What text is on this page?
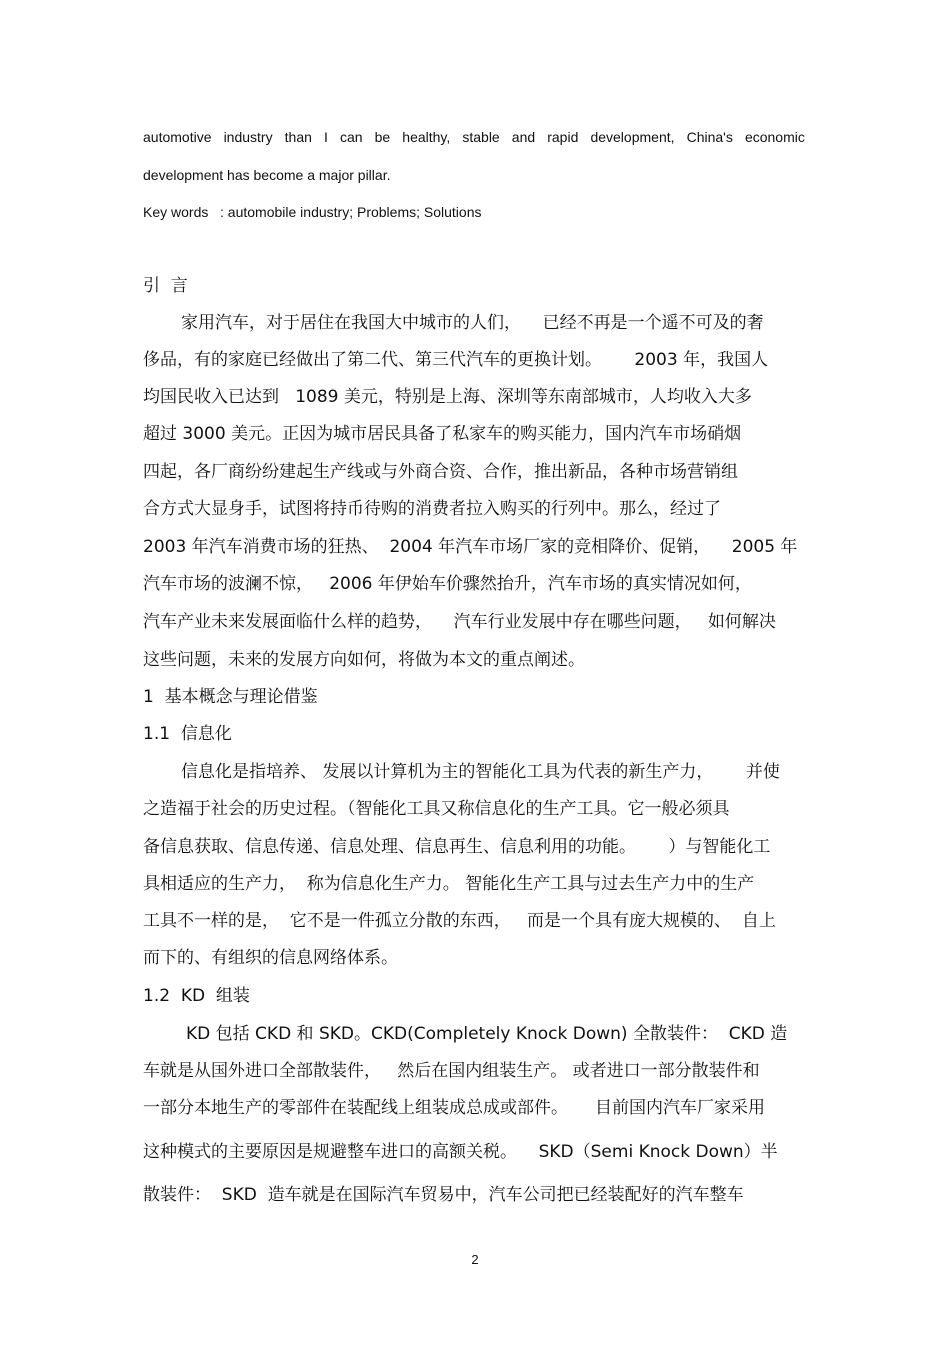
automotive industry than I can be healthy, stable and rapid development, China's economic
development has become a major pillar.
Key words   : automobile industry; Problems; Solutions
引  言
家用汽车，对于居住在我国大中城市的人们，    已经不再是一个遥不可及的奢
侈品，有的家庭已经做出了第二代、第三代汽车的更换计划。      2003 年，我国人
均国民收入已达到   1089 美元，特别是上海、深圳等东南部城市，人均收入大多
超过 3000 美元。正因为城市居民具备了私家车的购买能力，国内汽车市场硝烟
四起，各厂商纷纷建起生产线或与外商合资、合作，推出新品，各种市场营销组
合方式大显身手，试图将持币待购的消费者拉入购买的行列中。那么，经过了
2003 年汽车消费市场的狂热、  2004 年汽车市场厂家的竞相降价、促销，    2005 年
汽车市场的波澜不惊，   2006 年伊始车价骤然抬升，汽车市场的真实情况如何，
汽车产业未来发展面临什么样的趋势，    汽车行业发展中存在哪些问题，   如何解决
这些问题，未来的发展方向如何，将做为本文的重点阐述。
1  基本概念与理论借鉴
1.1  信息化
信息化是指培养、 发展以计算机为主的智能化工具为代表的新生产力，      并使
之造福于社会的历史过程。（智能化工具又称信息化的生产工具。它一般必须具
备信息获取、信息传递、信息处理、信息再生、信息利用的功能。      ）与智能化工
具相适应的生产力，  称为信息化生产力。 智能化生产工具与过去生产力中的生产
工具不一样的是，  它不是一件孤立分散的东西，   而是一个具有庞大规模的、  自上
而下的、有组织的信息网络体系。
1.2  KD  组装
KD 包括 CKD 和 SKD。CKD(Completely Knock Down) 全散装件：  CKD 造
车就是从国外进口全部散装件，   然后在国内组装生产。 或者进口一部分散装件和
一部分本地生产的零部件在装配线上组装成总成或部件。     目前国内汽车厂家采用
这种模式的主要原因是规避整车进口的高额关税。    SKD（Semi Knock Down）半
散装件：  SKD  造车就是在国际汽车贸易中，汽车公司把已经装配好的汽车整车
2
